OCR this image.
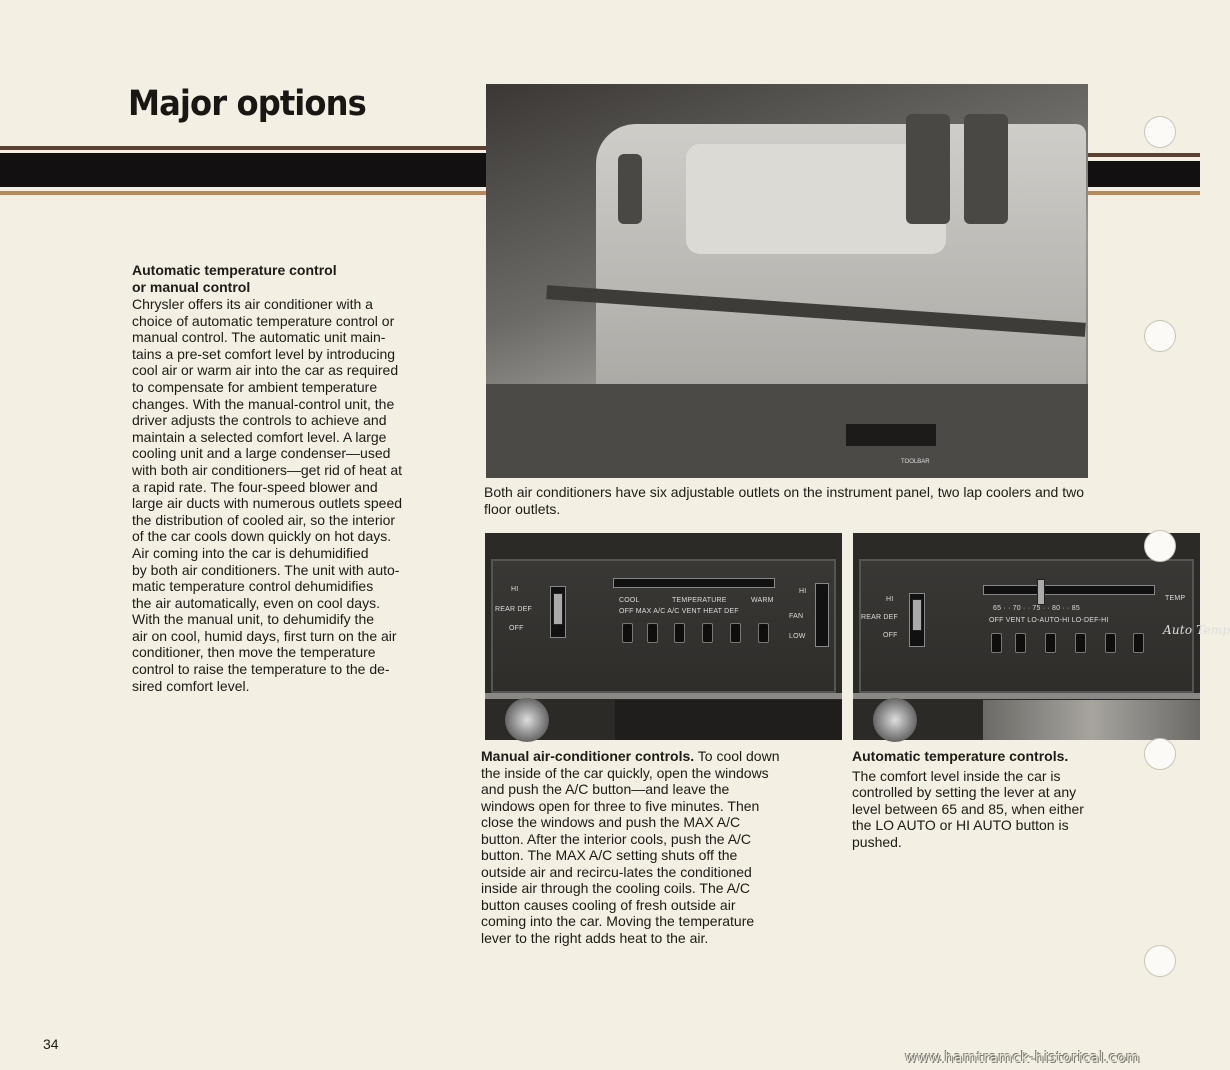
Major options
Automatic temperature control
or manual control
Chrysler offers its air conditioner with a
choice of automatic temperature control or
manual control. The automatic unit main-
tains a pre-set comfort level by introducing
cool air or warm air into the car as required
to compensate for ambient temperature
changes. With the manual-control unit, the
driver adjusts the controls to achieve and
maintain a selected comfort level. A large
cooling unit and a large condenser—used
with both air conditioners—get rid of heat at
a rapid rate. The four-speed blower and
large air ducts with numerous outlets speed
the distribution of cooled air, so the interior
of the car cools down quickly on hot days.
Air coming into the car is dehumidified
by both air conditioners. The unit with auto-
matic temperature control dehumidifies
the air automatically, even on cool days.
With the manual unit, to dehumidify the
air on cool, humid days, first turn on the air
conditioner, then move the temperature
control to raise the temperature to the de-
sired comfort level.
TOOLBAR
Both air conditioners have six adjustable outlets on the instrument panel, two lap coolers and two floor outlets.
HI
REAR DEF
OFF
COOL	TEMPERATURE	WARM
OFF MAX A/C A/C VENT HEAT DEF
HI
FAN
LOW
HI
REAR DEF
OFF
65 · · 70 · · 75 · · 80 · · 85
OFF VENT LO-AUTO-HI LO-DEF-HI
TEMP
Auto Temp
Manual air-conditioner controls. To cool down the inside of the car quickly, open the windows and push the A/C button—and leave the windows open for three to five minutes. Then close the windows and push the MAX A/C button. After the interior cools, push the A/C button. The MAX A/C setting shuts off the outside air and recircu-lates the conditioned inside air through the cooling coils. The A/C button causes cooling of fresh outside air coming into the car. Moving the temperature lever to the right adds heat to the air.
Automatic temperature controls.
The comfort level inside the car is controlled by setting the lever at any level between 65 and 85, when either the LO AUTO or HI AUTO button is pushed.
34
www.hamtramck-historical.com
